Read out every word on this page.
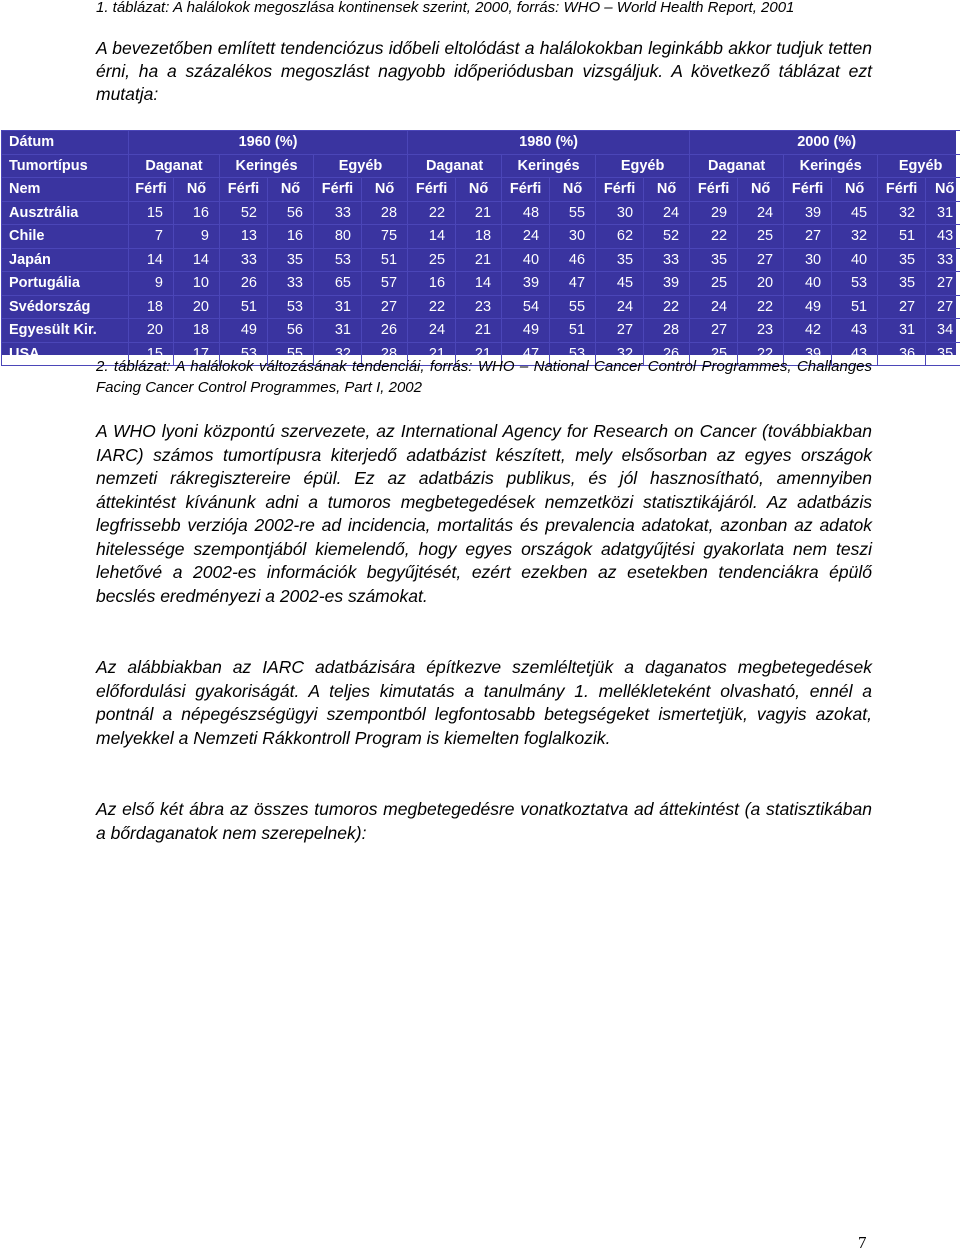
1. táblázat: A halálokok megoszlása kontinensek szerint, 2000, forrás: WHO – World Health Report, 2001

A bevezetőben említett tendenciózus időbeli eltolódást a halálokokban leginkább akkor tudjuk tetten érni, ha a százalékos megoszlást nagyobb időperiódusban vizsgáljuk. A következő táblázat ezt mutatja:

Dátum	1960 (%)						1980 (%)						2000 (%)					
Tumortípus	Daganat		Keringés		Egyéb		Daganat		Keringés		Egyéb		Daganat		Keringés		Egyéb	
Nem	Férfi	Nő	Férfi	Nő	Férfi	Nő	Férfi	Nő	Férfi	Nő	Férfi	Nő	Férfi	Nő	Férfi	Nő	Férfi	Nő
Ausztrália	15	16	52	56	33	28	22	21	48	55	30	24	29	24	39	45	32	31
Chile	7	9	13	16	80	75	14	18	24	30	62	52	22	25	27	32	51	43
Japán	14	14	33	35	53	51	25	21	40	46	35	33	35	27	30	40	35	33
Portugália	9	10	26	33	65	57	16	14	39	47	45	39	25	20	40	53	35	27
Svédország	18	20	51	53	31	27	22	23	54	55	24	22	24	22	49	51	27	27
Egyesült Kir.	20	18	49	56	31	26	24	21	49	51	27	28	27	23	42	43	31	34
USA	15	17	53	55	32	28	21	21	47	53	32	26	25	22	39	43	36	35

2. táblázat: A halálokok változásának tendenciái, forrás: WHO – National Cancer Control Programmes, Challanges Facing Cancer Control Programmes, Part I, 2002

A WHO lyoni központú szervezete, az International Agency for Research on Cancer (továbbiakban IARC) számos tumortípusra kiterjedő adatbázist készített, mely elsősorban az egyes országok nemzeti rákregisztereire épül. Ez az adatbázis publikus, és jól hasznosítható, amennyiben áttekintést kívánunk adni a tumoros megbetegedések nemzetközi statisztikájáról. Az adatbázis legfrissebb verziója 2002-re ad incidencia, mortalitás és prevalencia adatokat, azonban az adatok hitelessége szempontjából kiemelendő, hogy egyes országok adatgyűjtési gyakorlata nem teszi lehetővé a 2002-es információk begyűjtését, ezért ezekben az esetekben tendenciákra épülő becslés eredményezi a 2002-es számokat.

Az alábbiakban az IARC adatbázisára építkezve szemléltetjük a daganatos megbetegedések előfordulási gyakoriságát. A teljes kimutatás a tanulmány 1. mellékleteként olvasható, ennél a pontnál a népegészségügyi szempontból legfontosabb betegségeket ismertetjük, vagyis azokat, melyekkel a Nemzeti Rákkontroll Program is kiemelten foglalkozik.

Az első két ábra az összes tumoros megbetegedésre vonatkoztatva ad áttekintést (a statisztikában a bőrdaganatok nem szerepelnek):

7
